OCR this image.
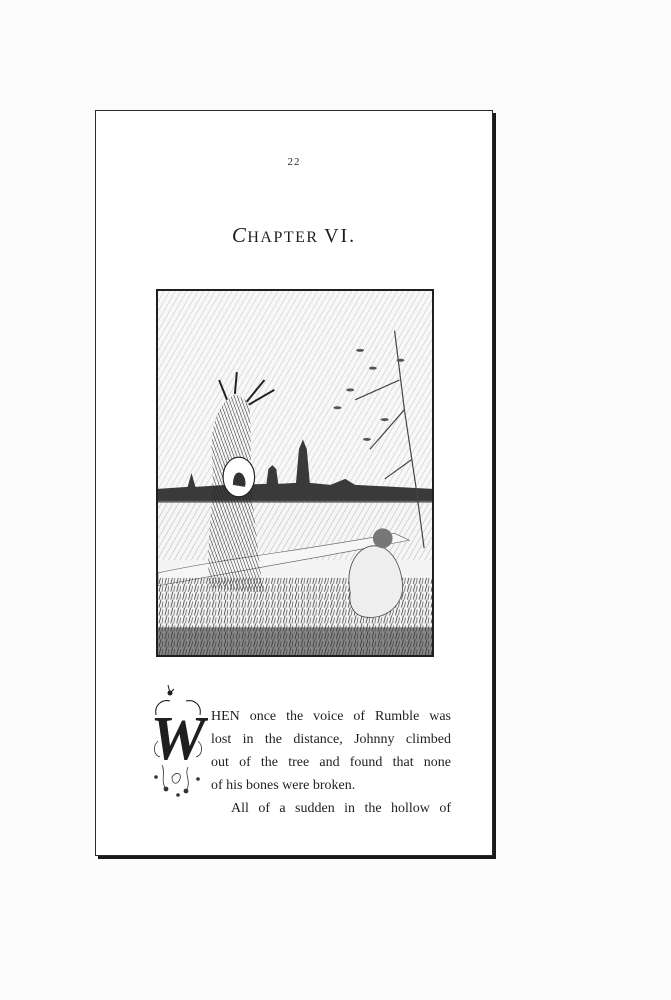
22
CHAPTER VI.
W HEN once the voice of Rumble was
lost in the distance, Johnny climbed
out of the tree and found that none
of his bones were broken.
All of a sudden in the hollow of
